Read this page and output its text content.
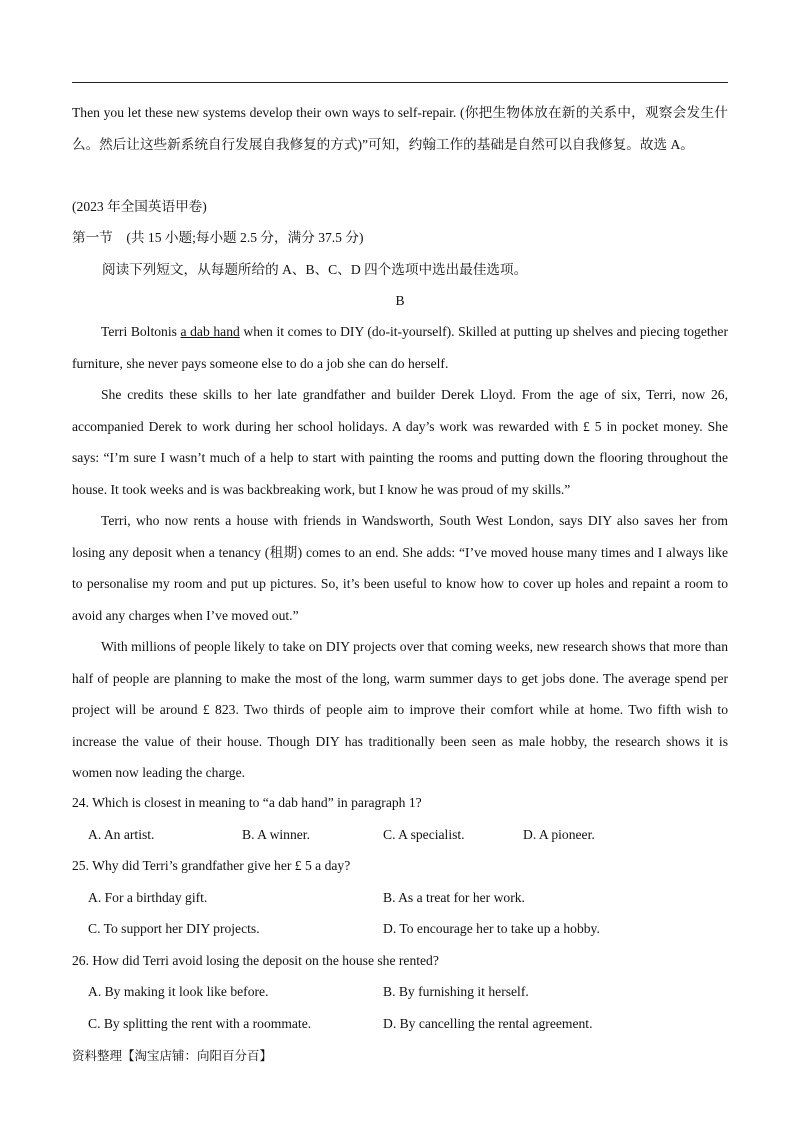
Then you let these new systems develop their own ways to self-repair. (你把生物体放在新的关系中，观察会发生什么。然后让这些新系统自行发展自我修复的方式)”可知，约翰工作的基础是自然可以自我修复。故选 A。

(2023 年全国英语甲卷)
第一节　(共 15 小题;每小题 2.5 分，满分 37.5 分)
阅读下列短文，从每题所给的 A、B、C、D 四个选项中选出最佳选项。
B

Terri Boltonis a dab hand when it comes to DIY (do-it-yourself). Skilled at putting up shelves and piecing together furniture, she never pays someone else to do a job she can do herself.

She credits these skills to her late grandfather and builder Derek Lloyd. From the age of six, Terri, now 26, accompanied Derek to work during her school holidays. A day’s work was rewarded with £ 5 in pocket money. She says: “I’m sure I wasn’t much of a help to start with painting the rooms and putting down the flooring throughout the house. It took weeks and is was backbreaking work, but I know he was proud of my skills.”

Terri, who now rents a house with friends in Wandsworth, South West London, says DIY also saves her from losing any deposit when a tenancy (租期) comes to an end. She adds: “I’ve moved house many times and I always like to personalise my room and put up pictures. So, it’s been useful to know how to cover up holes and repaint a room to avoid any charges when I’ve moved out.”

With millions of people likely to take on DIY projects over that coming weeks, new research shows that more than half of people are planning to make the most of the long, warm summer days to get jobs done. The average spend per project will be around £ 823. Two thirds of people aim to improve their comfort while at home. Two fifth wish to increase the value of their house. Though DIY has traditionally been seen as male hobby, the research shows it is women now leading the charge.

24. Which is closest in meaning to “a dab hand” in paragraph 1?
A. An artist.	B. A winner.	C. A specialist.	D. A pioneer.
25. Why did Terri’s grandfather give her £ 5 a day?
A. For a birthday gift.	B. As a treat for her work.
C. To support her DIY projects.	D. To encourage her to take up a hobby.
26. How did Terri avoid losing the deposit on the house she rented?
A. By making it look like before.	B. By furnishing it herself.
C. By splitting the rent with a roommate.	D. By cancelling the rental agreement.
资料整理【淘宝店铺：向阳百分百】
